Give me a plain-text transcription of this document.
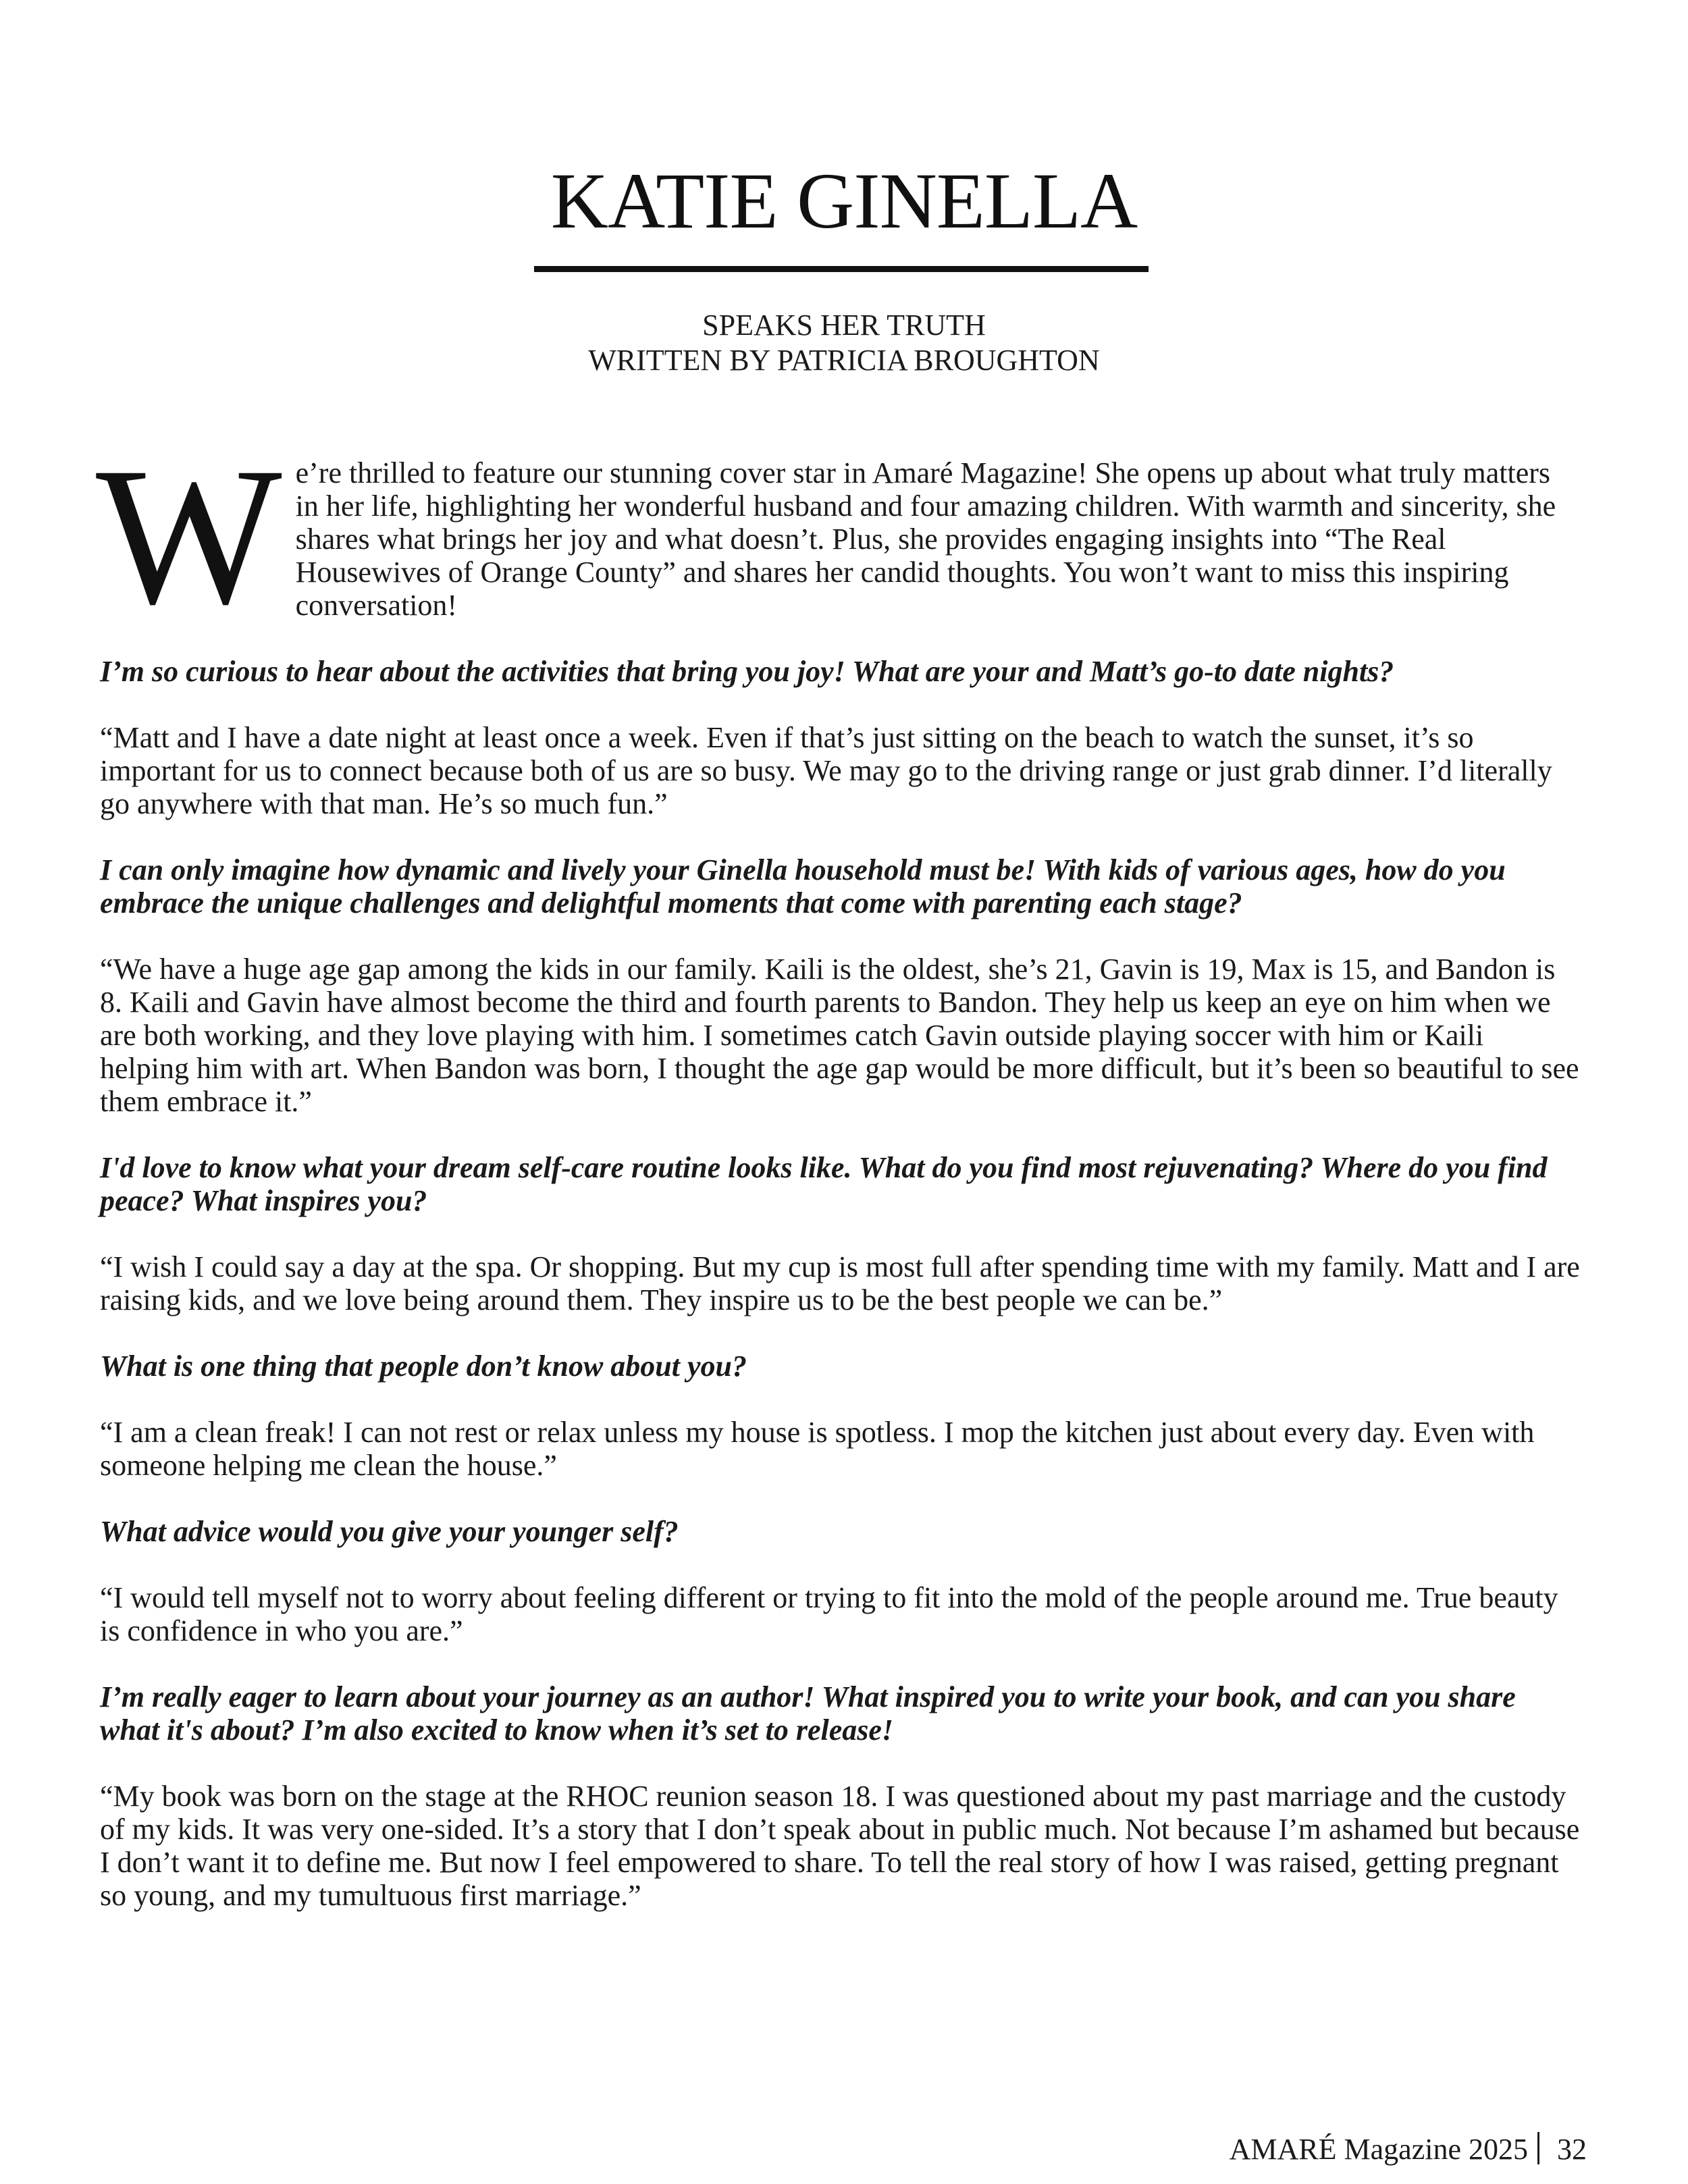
KATIE GINELLA
SPEAKS HER TRUTH
WRITTEN BY PATRICIA BROUGHTON

We’re thrilled to feature our stunning cover star in Amaré Magazine! She opens up about what truly matters in her life, highlighting her wonderful husband and four amazing children. With warmth and sincerity, she shares what brings her joy and what doesn’t. Plus, she provides engaging insights into “The Real Housewives of Orange County” and shares her candid thoughts. You won’t want to miss this inspiring conversation!

I’m so curious to hear about the activities that bring you joy! What are your and Matt’s go-to date nights?

“Matt and I have a date night at least once a week. Even if that’s just sitting on the beach to watch the sunset, it’s so important for us to connect because both of us are so busy. We may go to the driving range or just grab dinner. I’d literally go anywhere with that man. He’s so much fun.”

I can only imagine how dynamic and lively your Ginella household must be! With kids of various ages, how do you embrace the unique challenges and delightful moments that come with parenting each stage?

“We have a huge age gap among the kids in our family. Kaili is the oldest, she’s 21, Gavin is 19, Max is 15, and Bandon is 8. Kaili and Gavin have almost become the third and fourth parents to Bandon. They help us keep an eye on him when we are both working, and they love playing with him. I sometimes catch Gavin outside playing soccer with him or Kaili helping him with art. When Bandon was born, I thought the age gap would be more difficult, but it’s been so beautiful to see them embrace it.”

I'd love to know what your dream self-care routine looks like. What do you find most rejuvenating? Where do you find peace? What inspires you?

“I wish I could say a day at the spa. Or shopping. But my cup is most full after spending time with my family. Matt and I are raising kids, and we love being around them. They inspire us to be the best people we can be.”

What is one thing that people don’t know about you?

“I am a clean freak! I can not rest or relax unless my house is spotless. I mop the kitchen just about every day. Even with someone helping me clean the house.”

What advice would you give your younger self?

“I would tell myself not to worry about feeling different or trying to fit into the mold of the people around me. True beauty is confidence in who you are.”

I’m really eager to learn about your journey as an author! What inspired you to write your book, and can you share what it's about? I’m also excited to know when it’s set to release!

“My book was born on the stage at the RHOC reunion season 18. I was questioned about my past marriage and the custody of my kids. It was very one-sided. It’s a story that I don’t speak about in public much. Not because I’m ashamed but because I don’t want it to define me. But now I feel empowered to share. To tell the real story of how I was raised, getting pregnant so young, and my tumultuous first marriage.”

AMARÉ Magazine 2025 32
